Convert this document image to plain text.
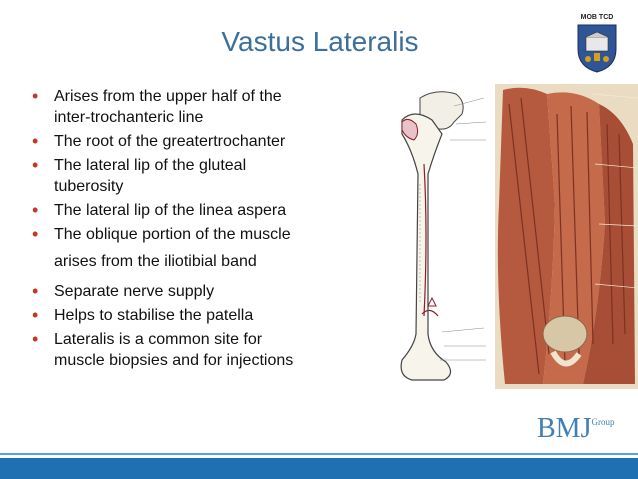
Vastus Lateralis
• Arises from the upper half of the
inter-trochanteric line
• The root of the greatertrochanter
• The lateral lip of the gluteal
tuberosity
• The lateral lip of the linea aspera
• The oblique portion of the muscle
arises from the iliotibial band
• Separate nerve supply
• Helps to stabilise the patella
• Lateralis is a common site for
muscle biopsies and for injections
MOB TCD
$BMJ^{Group}$
